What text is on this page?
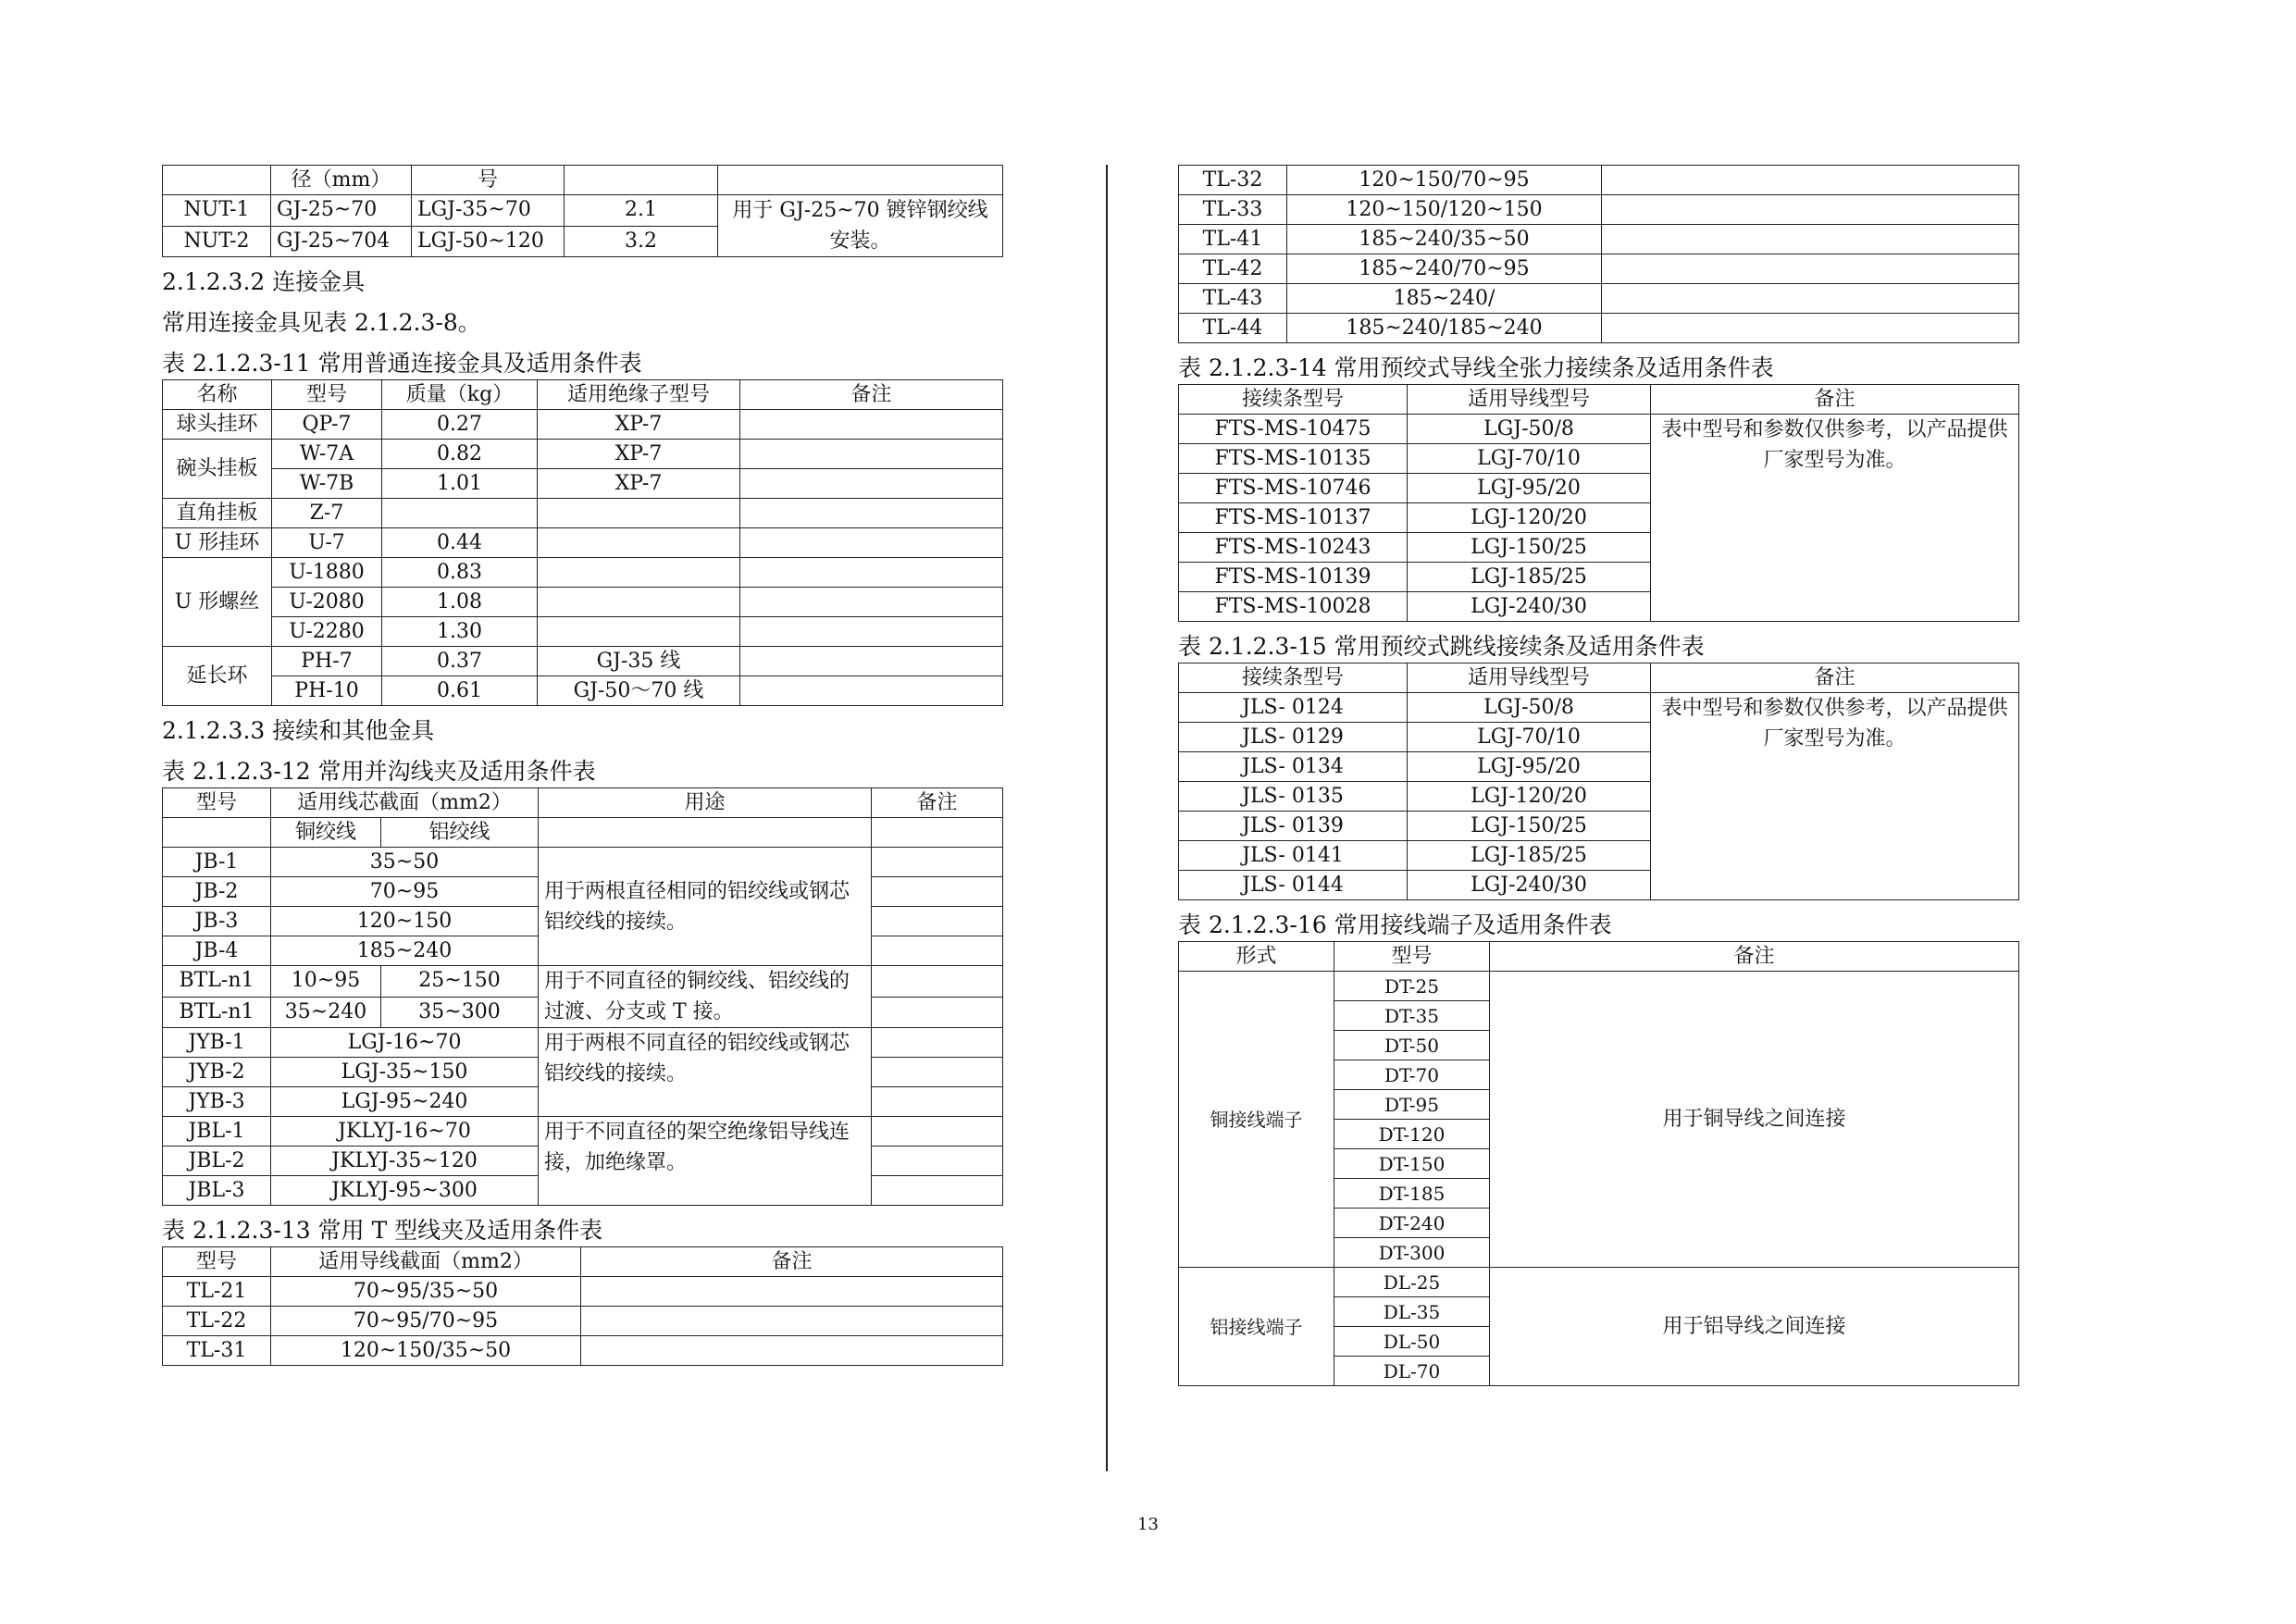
	径（mm）	号		
NUT-1	GJ-25~70	LGJ-35~70	2.1	用于 GJ-25~70 镀锌钢绞线安装。
NUT-2	GJ-25~704	LGJ-50~120	3.2	
2.1.2.3.2 连接金具
常用连接金具见表 2.1.2.3-8。
表 2.1.2.3-11 常用普通连接金具及适用条件表
名称	型号	质量（kg）	适用绝缘子型号	备注
球头挂环	QP-7	0.27	XP-7	
碗头挂板	W-7A	0.82	XP-7	
	W-7B	1.01	XP-7	
直角挂板	Z-7			
U 形挂环	U-7	0.44		
U 形螺丝	U-1880	0.83		
	U-2080	1.08		
	U-2280	1.30		
延长环	PH-7	0.37	GJ-35 线	
	PH-10	0.61	GJ-50～70 线	
2.1.2.3.3 接续和其他金具
表 2.1.2.3-12 常用并沟线夹及适用条件表
型号	适用线芯截面（mm2）		用途	备注
	铜绞线	铝绞线		
JB-1	35~50		用于两根直径相同的铝绞线或钢芯铝绞线的接续。	
JB-2	70~95			
JB-3	120~150			
JB-4	185~240			
BTL-n1	10~95	25~150	用于不同直径的铜绞线、铝绞线的过渡、分支或 T 接。	
BTL-n1	35~240	35~300		
JYB-1	LGJ-16~70		用于两根不同直径的铝绞线或钢芯铝绞线的接续。	
JYB-2	LGJ-35~150			
JYB-3	LGJ-95~240			
JBL-1	JKLYJ-16~70		用于不同直径的架空绝缘铝导线连接，加绝缘罩。	
JBL-2	JKLYJ-35~120			
JBL-3	JKLYJ-95~300			
表 2.1.2.3-13 常用 T 型线夹及适用条件表
型号	适用导线截面（mm2）	备注
TL-21	70~95/35~50	
TL-22	70~95/70~95	
TL-31	120~150/35~50	
TL-32	120~150/70~95	
TL-33	120~150/120~150	
TL-41	185~240/35~50	
TL-42	185~240/70~95	
TL-43	185~240/	
TL-44	185~240/185~240	
表 2.1.2.3-14 常用预绞式导线全张力接续条及适用条件表
接续条型号	适用导线型号	备注
FTS-MS-10475	LGJ-50/8	表中型号和参数仅供参考，以产品提供厂家型号为准。
FTS-MS-10135	LGJ-70/10	
FTS-MS-10746	LGJ-95/20	
FTS-MS-10137	LGJ-120/20	
FTS-MS-10243	LGJ-150/25	
FTS-MS-10139	LGJ-185/25	
FTS-MS-10028	LGJ-240/30	
表 2.1.2.3-15 常用预绞式跳线接续条及适用条件表
接续条型号	适用导线型号	备注
JLS- 0124	LGJ-50/8	表中型号和参数仅供参考，以产品提供厂家型号为准。
JLS- 0129	LGJ-70/10	
JLS- 0134	LGJ-95/20	
JLS- 0135	LGJ-120/20	
JLS- 0139	LGJ-150/25	
JLS- 0141	LGJ-185/25	
JLS- 0144	LGJ-240/30	
表 2.1.2.3-16 常用接线端子及适用条件表
形式	型号	备注
铜接线端子	DT-25	用于铜导线之间连接
	DT-35	
	DT-50	
	DT-70	
	DT-95	
	DT-120	
	DT-150	
	DT-185	
	DT-240	
	DT-300	
铝接线端子	DL-25	用于铝导线之间连接
	DL-35	
	DL-50	
	DL-70	
13
